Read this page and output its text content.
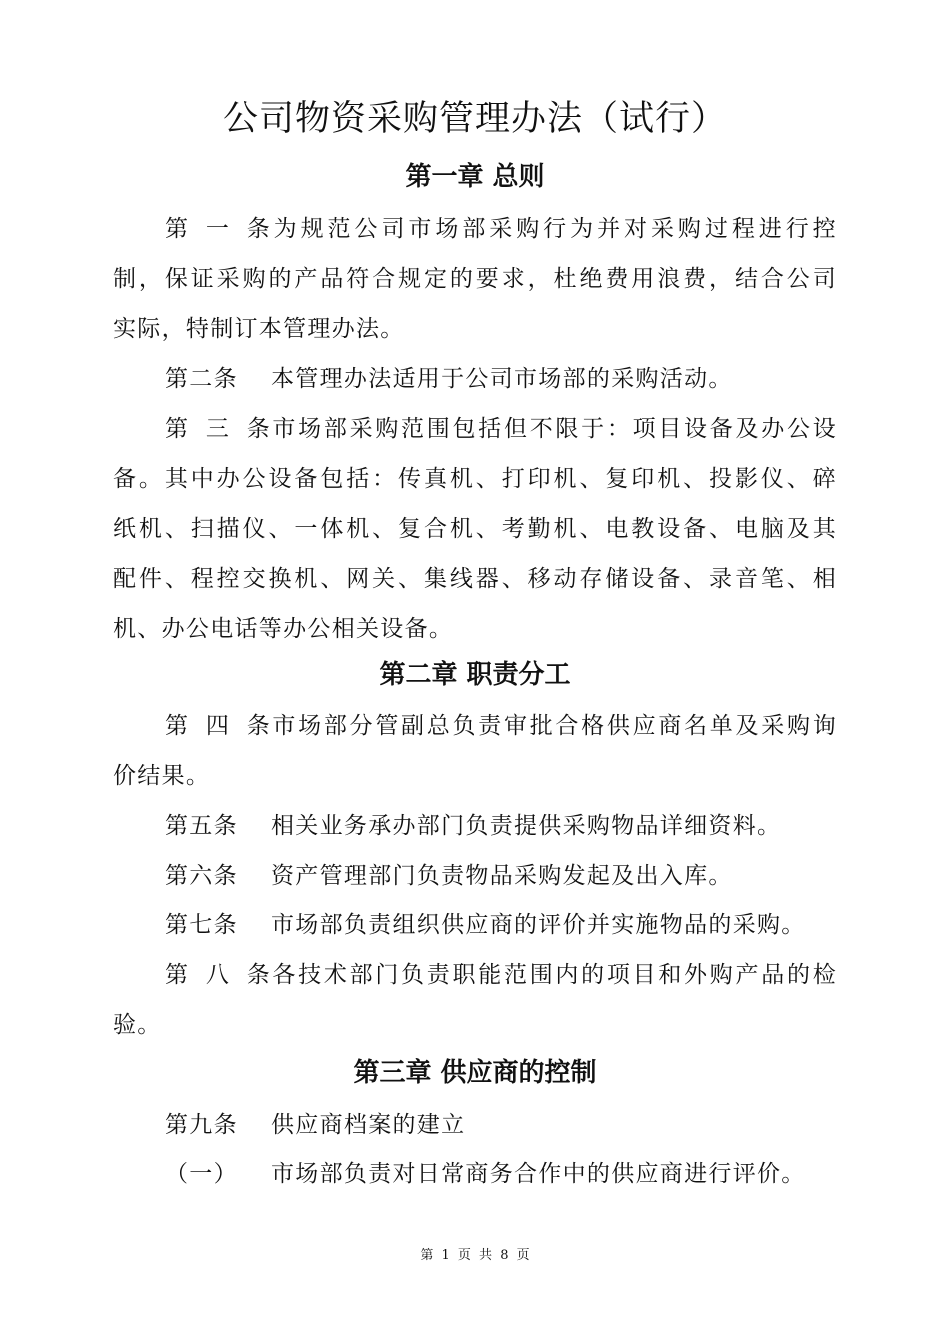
公司物资采购管理办法（试行）
第一章 总则
第一条为规范公司市场部采购行为并对采购过程进行控
制，保证采购的产品符合规定的要求，杜绝费用浪费，结合公司
实际，特制订本管理办法。
第二条 本管理办法适用于公司市场部的采购活动。
第三条市场部采购范围包括但不限于：项目设备及办公设
备。其中办公设备包括：传真机、打印机、复印机、投影仪、碎
纸机、扫描仪、一体机、复合机、考勤机、电教设备、电脑及其
配件、程控交换机、网关、集线器、移动存储设备、录音笔、相
机、办公电话等办公相关设备。
第二章 职责分工
第四条市场部分管副总负责审批合格供应商名单及采购询
价结果。
第五条 相关业务承办部门负责提供采购物品详细资料。
第六条 资产管理部门负责物品采购发起及出入库。
第七条 市场部负责组织供应商的评价并实施物品的采购。
第八条各技术部门负责职能范围内的项目和外购产品的检
验。
第三章 供应商的控制
第九条 供应商档案的建立
（一） 市场部负责对日常商务合作中的供应商进行评价。
第 1 页 共 8 页
